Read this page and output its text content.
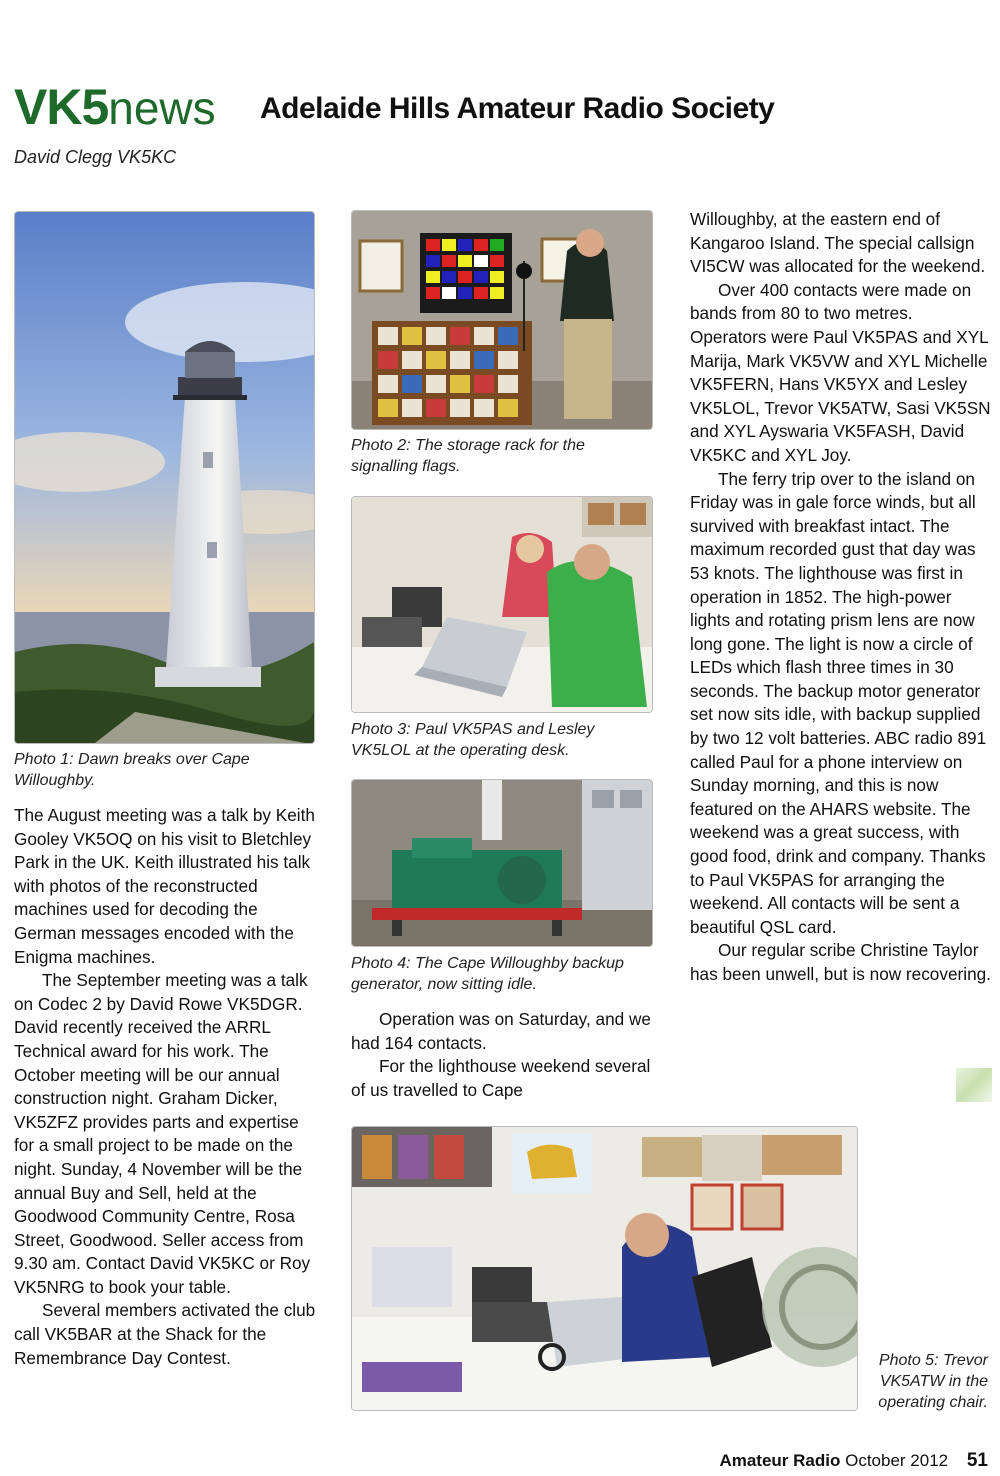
VK5news Adelaide Hills Amateur Radio Society
David Clegg VK5KC
Photo 1: Dawn breaks over Cape Willoughby.
Photo 2: The storage rack for the signalling flags.
Photo 3: Paul VK5PAS and Lesley VK5LOL at the operating desk.
Photo 4: The Cape Willoughby backup generator, now sitting idle.

The August meeting was a talk by Keith Gooley VK5OQ on his visit to Bletchley Park in the UK. Keith illustrated his talk with photos of the reconstructed machines used for decoding the German messages encoded with the Enigma machines.

The September meeting was a talk on Codec 2 by David Rowe VK5DGR. David recently received the ARRL Technical award for his work. The October meeting will be our annual construction night. Graham Dicker, VK5ZFZ provides parts and expertise for a small project to be made on the night. Sunday, 4 November will be the annual Buy and Sell, held at the Goodwood Community Centre, Rosa Street, Goodwood. Seller access from 9.30 am. Contact David VK5KC or Roy VK5NRG to book your table.

Several members activated the club call VK5BAR at the Shack for the Remembrance Day Contest.

Operation was on Saturday, and we had 164 contacts.

For the lighthouse weekend several of us travelled to Cape

Willoughby, at the eastern end of Kangaroo Island. The special callsign VI5CW was allocated for the weekend.

Over 400 contacts were made on bands from 80 to two metres. Operators were Paul VK5PAS and XYL Marija, Mark VK5VW and XYL Michelle VK5FERN, Hans VK5YX and Lesley VK5LOL, Trevor VK5ATW, Sasi VK5SN and XYL Ayswaria VK5FASH, David VK5KC and XYL Joy.

The ferry trip over to the island on Friday was in gale force winds, but all survived with breakfast intact. The maximum recorded gust that day was 53 knots. The lighthouse was first in operation in 1852. The high-power lights and rotating prism lens are now long gone. The light is now a circle of LEDs which flash three times in 30 seconds. The backup motor generator set now sits idle, with backup supplied by two 12 volt batteries. ABC radio 891 called Paul for a phone interview on Sunday morning, and this is now featured on the AHARS website. The weekend was a great success, with good food, drink and company. Thanks to Paul VK5PAS for arranging the weekend. All contacts will be sent a beautiful QSL card.

Our regular scribe Christine Taylor has been unwell, but is now recovering.

Photo 5: Trevor VK5ATW in the operating chair.
Amateur Radio October 2012 51
